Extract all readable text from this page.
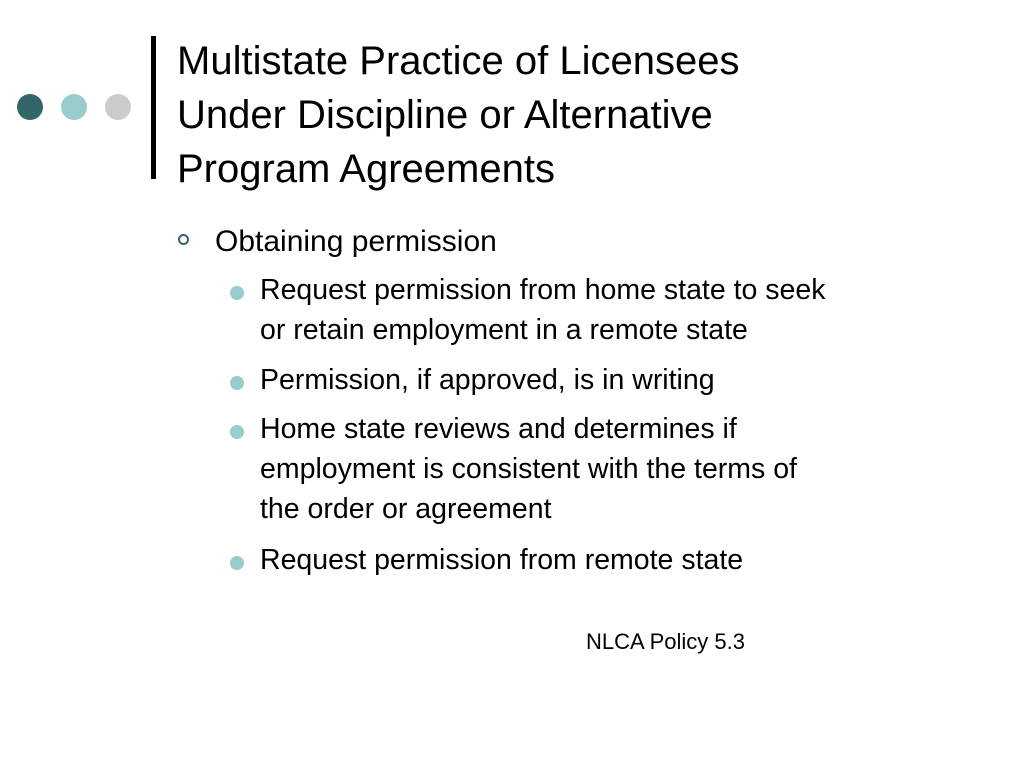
Multistate Practice of Licensees
Under Discipline or Alternative
Program Agreements
Obtaining permission
Request permission from home state to seek
or retain employment in a remote state
Permission, if approved, is in writing
Home state reviews and determines if
employment is consistent with the terms of
the order or agreement
Request permission from remote state
NLCA Policy 5.3
